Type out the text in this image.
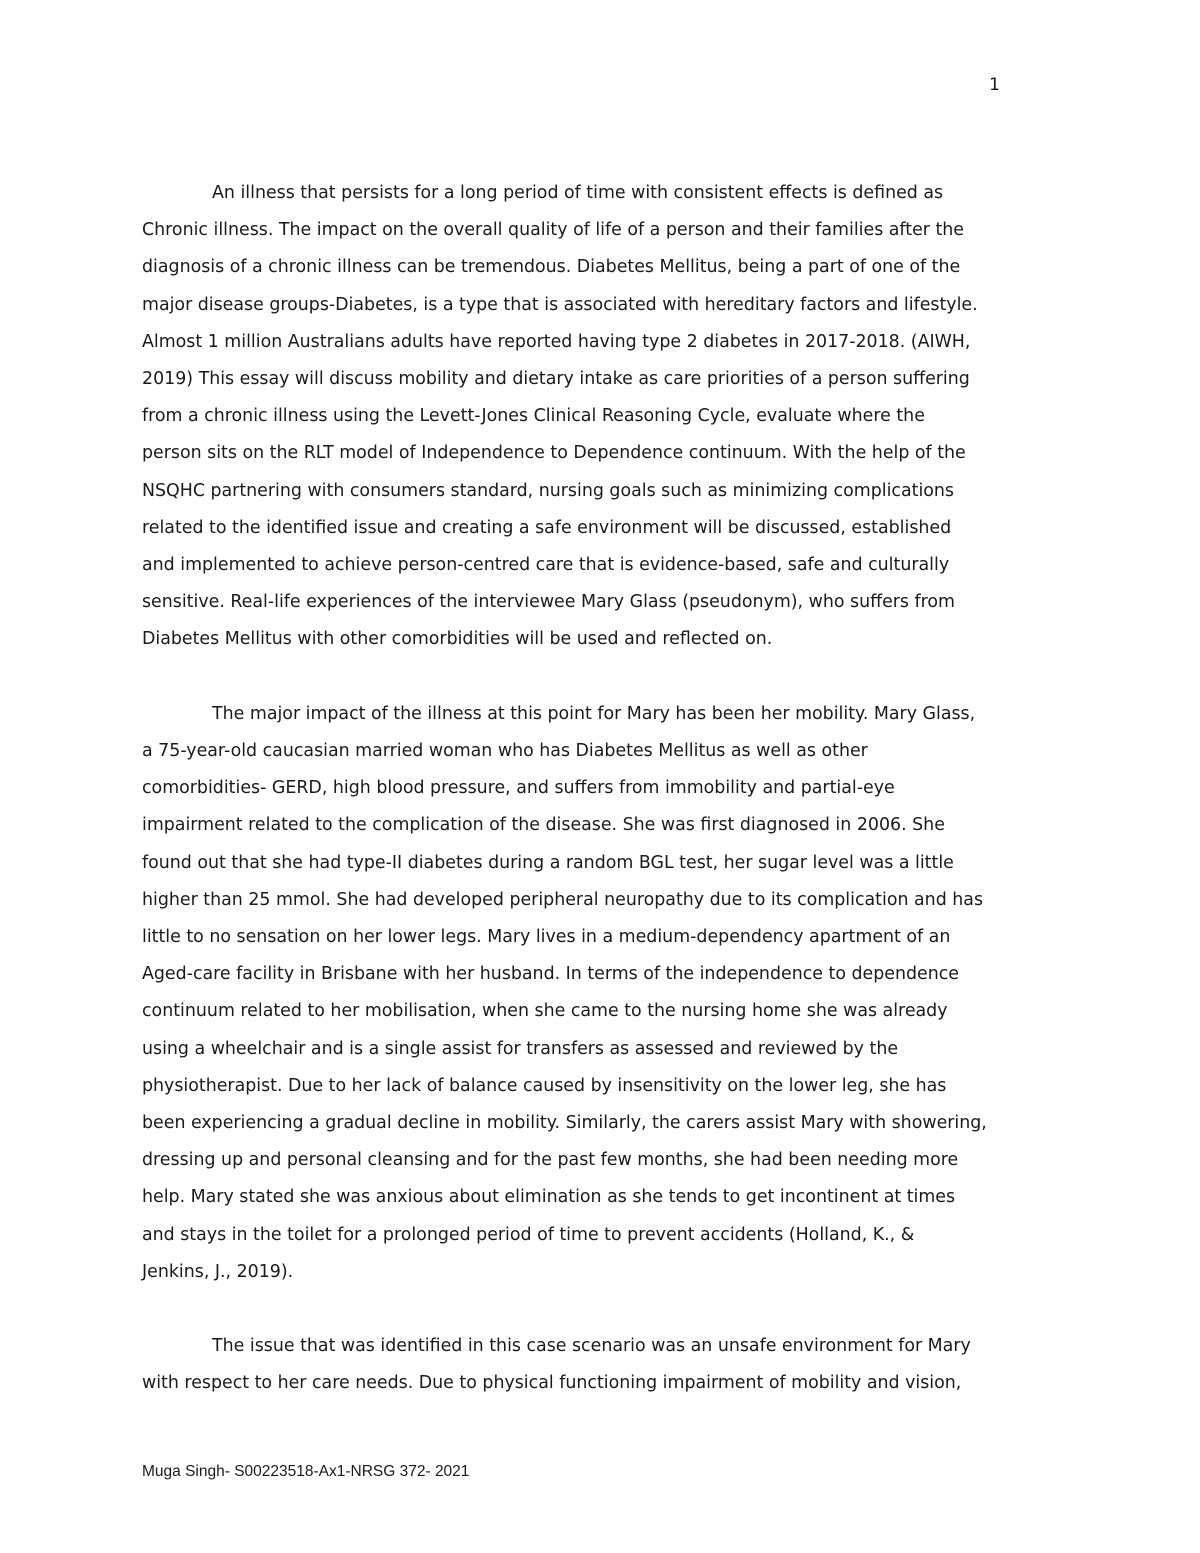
1
An illness that persists for a long period of time with consistent effects is defined as
Chronic illness. The impact on the overall quality of life of a person and their families after the
diagnosis of a chronic illness can be tremendous. Diabetes Mellitus, being a part of one of the
major disease groups-Diabetes, is a type that is associated with hereditary factors and lifestyle.
Almost 1 million Australians adults have reported having type 2 diabetes in 2017-2018. (AIWH,
2019) This essay will discuss mobility and dietary intake as care priorities of a person suffering
from a chronic illness using the Levett-Jones Clinical Reasoning Cycle, evaluate where the
person sits on the RLT model of Independence to Dependence continuum. With the help of the
NSQHC partnering with consumers standard, nursing goals such as minimizing complications
related to the identified issue and creating a safe environment will be discussed, established
and implemented to achieve person-centred care that is evidence-based, safe and culturally
sensitive. Real-life experiences of the interviewee Mary Glass (pseudonym), who suffers from
Diabetes Mellitus with other comorbidities will be used and reflected on.
The major impact of the illness at this point for Mary has been her mobility. Mary Glass,
a 75-year-old caucasian married woman who has Diabetes Mellitus as well as other
comorbidities- GERD, high blood pressure, and suffers from immobility and partial-eye
impairment related to the complication of the disease. She was first diagnosed in 2006. She
found out that she had type-II diabetes during a random BGL test, her sugar level was a little
higher than 25 mmol. She had developed peripheral neuropathy due to its complication and has
little to no sensation on her lower legs. Mary lives in a medium-dependency apartment of an
Aged-care facility in Brisbane with her husband. In terms of the independence to dependence
continuum related to her mobilisation, when she came to the nursing home she was already
using a wheelchair and is a single assist for transfers as assessed and reviewed by the
physiotherapist. Due to her lack of balance caused by insensitivity on the lower leg, she has
been experiencing a gradual decline in mobility. Similarly, the carers assist Mary with showering,
dressing up and personal cleansing and for the past few months, she had been needing more
help. Mary stated she was anxious about elimination as she tends to get incontinent at times
and stays in the toilet for a prolonged period of time to prevent accidents (Holland, K., &
Jenkins, J., 2019).
The issue that was identified in this case scenario was an unsafe environment for Mary
with respect to her care needs. Due to physical functioning impairment of mobility and vision,
Muga Singh- S00223518-Ax1-NRSG 372- 2021
